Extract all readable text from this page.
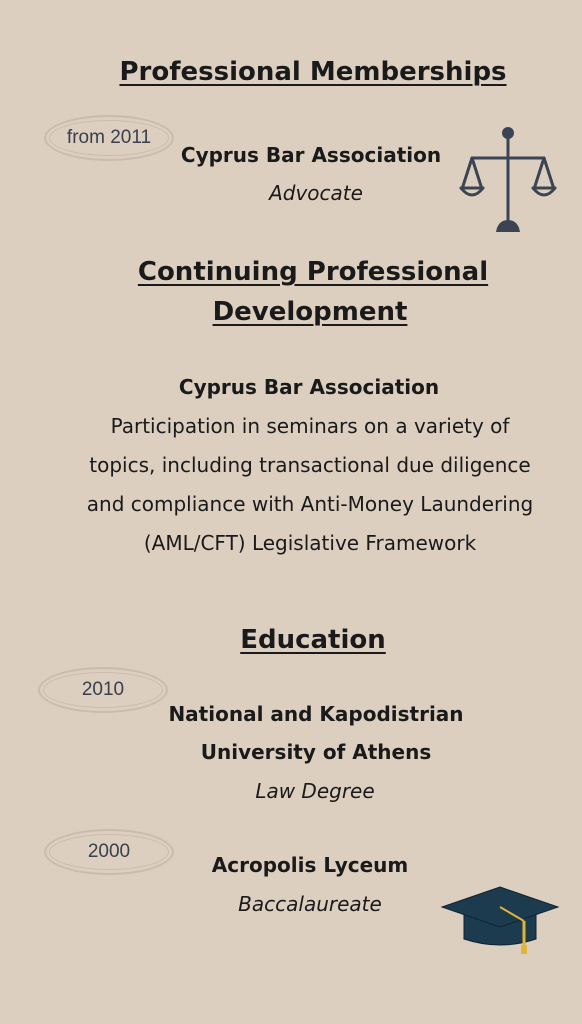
Professional Memberships
from 2011
Cyprus Bar Association
Advocate
Continuing Professional
Development
Cyprus Bar Association
Participation in seminars on a variety of
topics, including transactional due diligence
and compliance with Anti-Money Laundering
(AML/CFT) Legislative Framework
Education
2010
National and Kapodistrian
University of Athens
Law Degree
2000
Acropolis Lyceum
Baccalaureate
